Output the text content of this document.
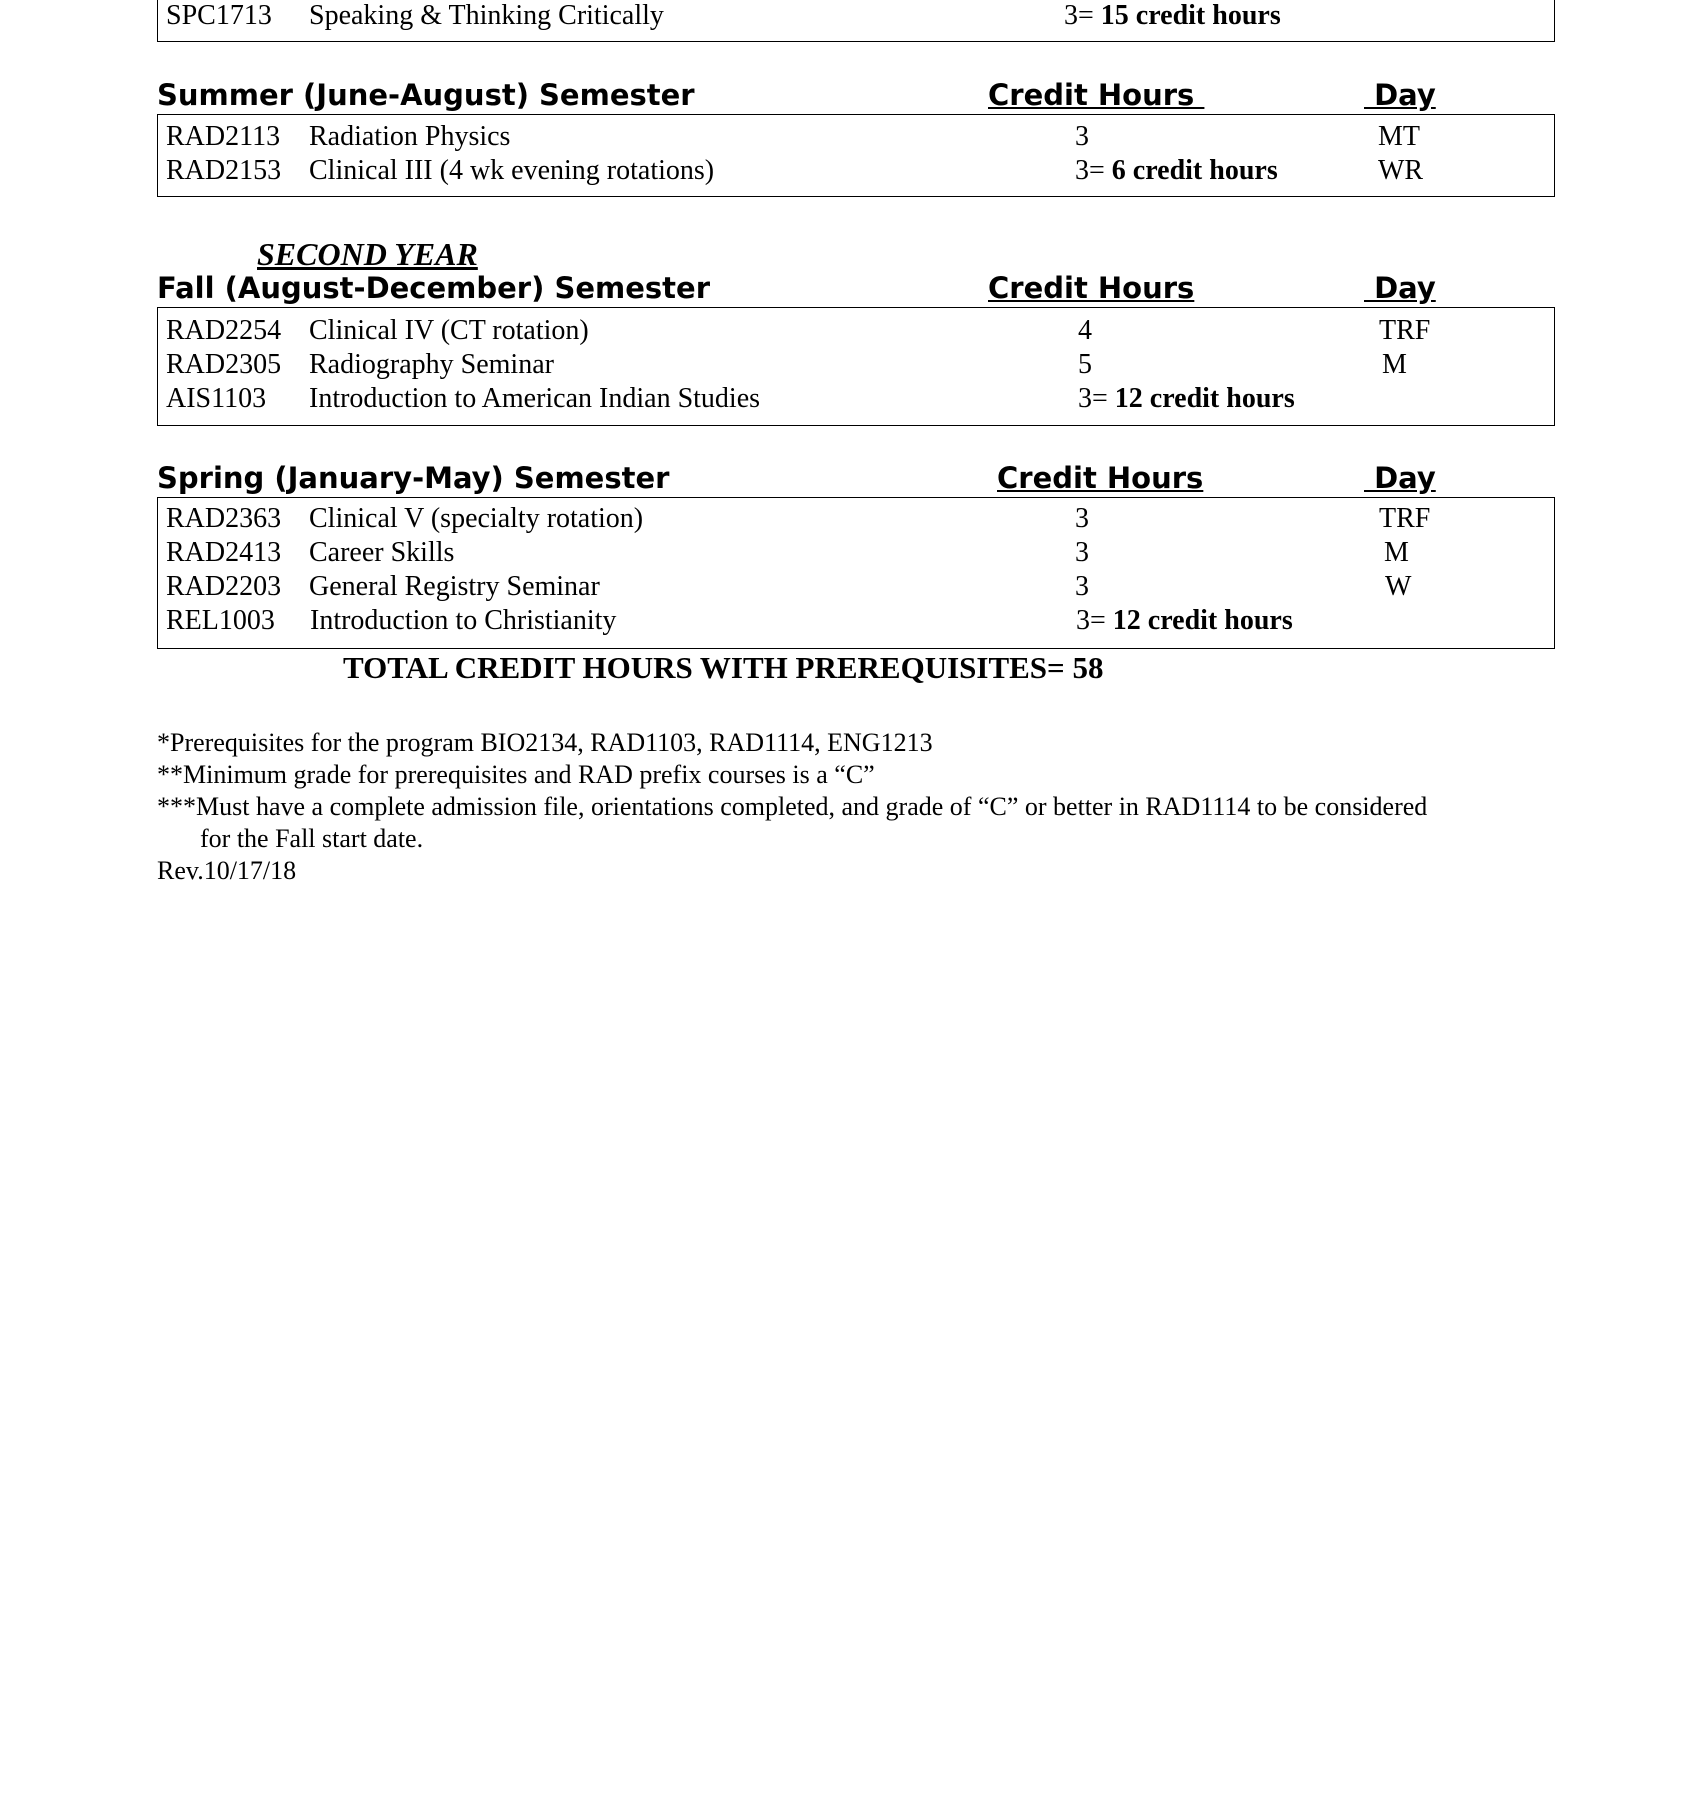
SPC1713 Speaking & Thinking Critically	3= 15 credit hours
Summer (June-August) Semester	Credit Hours	Day
RAD2113 Radiation Physics	3	MT
RAD2153 Clinical III (4 wk evening rotations)	3= 6 credit hours	WR
SECOND YEAR
Fall (August-December) Semester	Credit Hours	Day
RAD2254 Clinical IV (CT rotation)	4	TRF
RAD2305 Radiography Seminar	5	M
AIS1103 Introduction to American Indian Studies	3= 12 credit hours
Spring (January-May) Semester	Credit Hours	Day
RAD2363 Clinical V (specialty rotation)	3	TRF
RAD2413 Career Skills	3	M
RAD2203 General Registry Seminar	3	W
REL1003 Introduction to Christianity	3= 12 credit hours
TOTAL CREDIT HOURS WITH PREREQUISITES= 58
*Prerequisites for the program BIO2134, RAD1103, RAD1114, ENG1213
**Minimum grade for prerequisites and RAD prefix courses is a “C”
***Must have a complete admission file, orientations completed, and grade of “C” or better in RAD1114 to be considered
for the Fall start date.
Rev.10/17/18
